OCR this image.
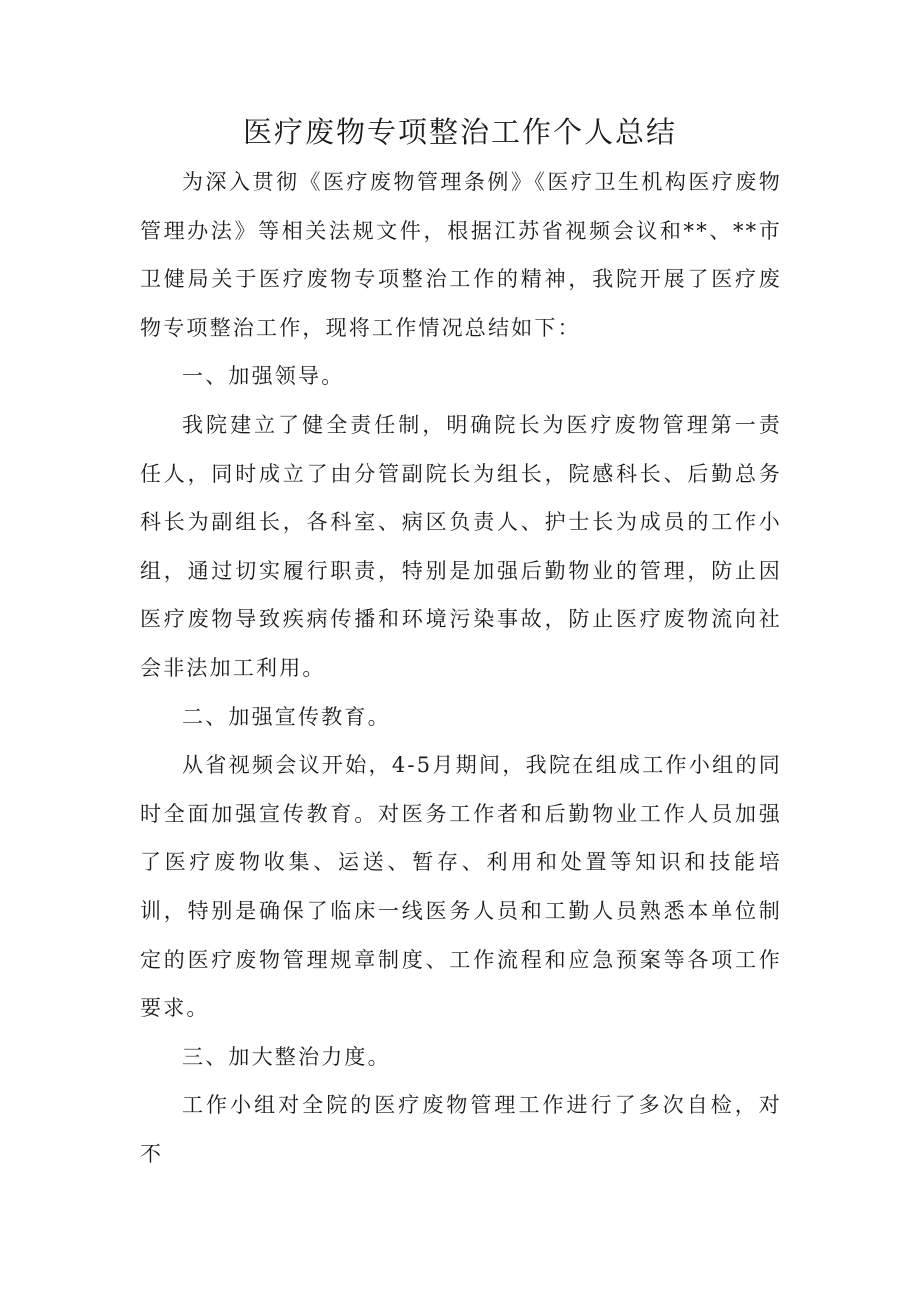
医疗废物专项整治工作个人总结

为深入贯彻《医疗废物管理条例》《医疗卫生机构医疗废物管理办法》等相关法规文件，根据江苏省视频会议和**、**市卫健局关于医疗废物专项整治工作的精神，我院开展了医疗废物专项整治工作，现将工作情况总结如下：

一、加强领导。

我院建立了健全责任制，明确院长为医疗废物管理第一责任人，同时成立了由分管副院长为组长，院感科长、后勤总务科长为副组长，各科室、病区负责人、护士长为成员的工作小组，通过切实履行职责，特别是加强后勤物业的管理，防止因医疗废物导致疾病传播和环境污染事故，防止医疗废物流向社会非法加工利用。

二、加强宣传教育。

从省视频会议开始，4-5月期间，我院在组成工作小组的同时全面加强宣传教育。对医务工作者和后勤物业工作人员加强了医疗废物收集、运送、暂存、利用和处置等知识和技能培训，特别是确保了临床一线医务人员和工勤人员熟悉本单位制定的医疗废物管理规章制度、工作流程和应急预案等各项工作要求。

三、加大整治力度。

工作小组对全院的医疗废物管理工作进行了多次自检，对不
